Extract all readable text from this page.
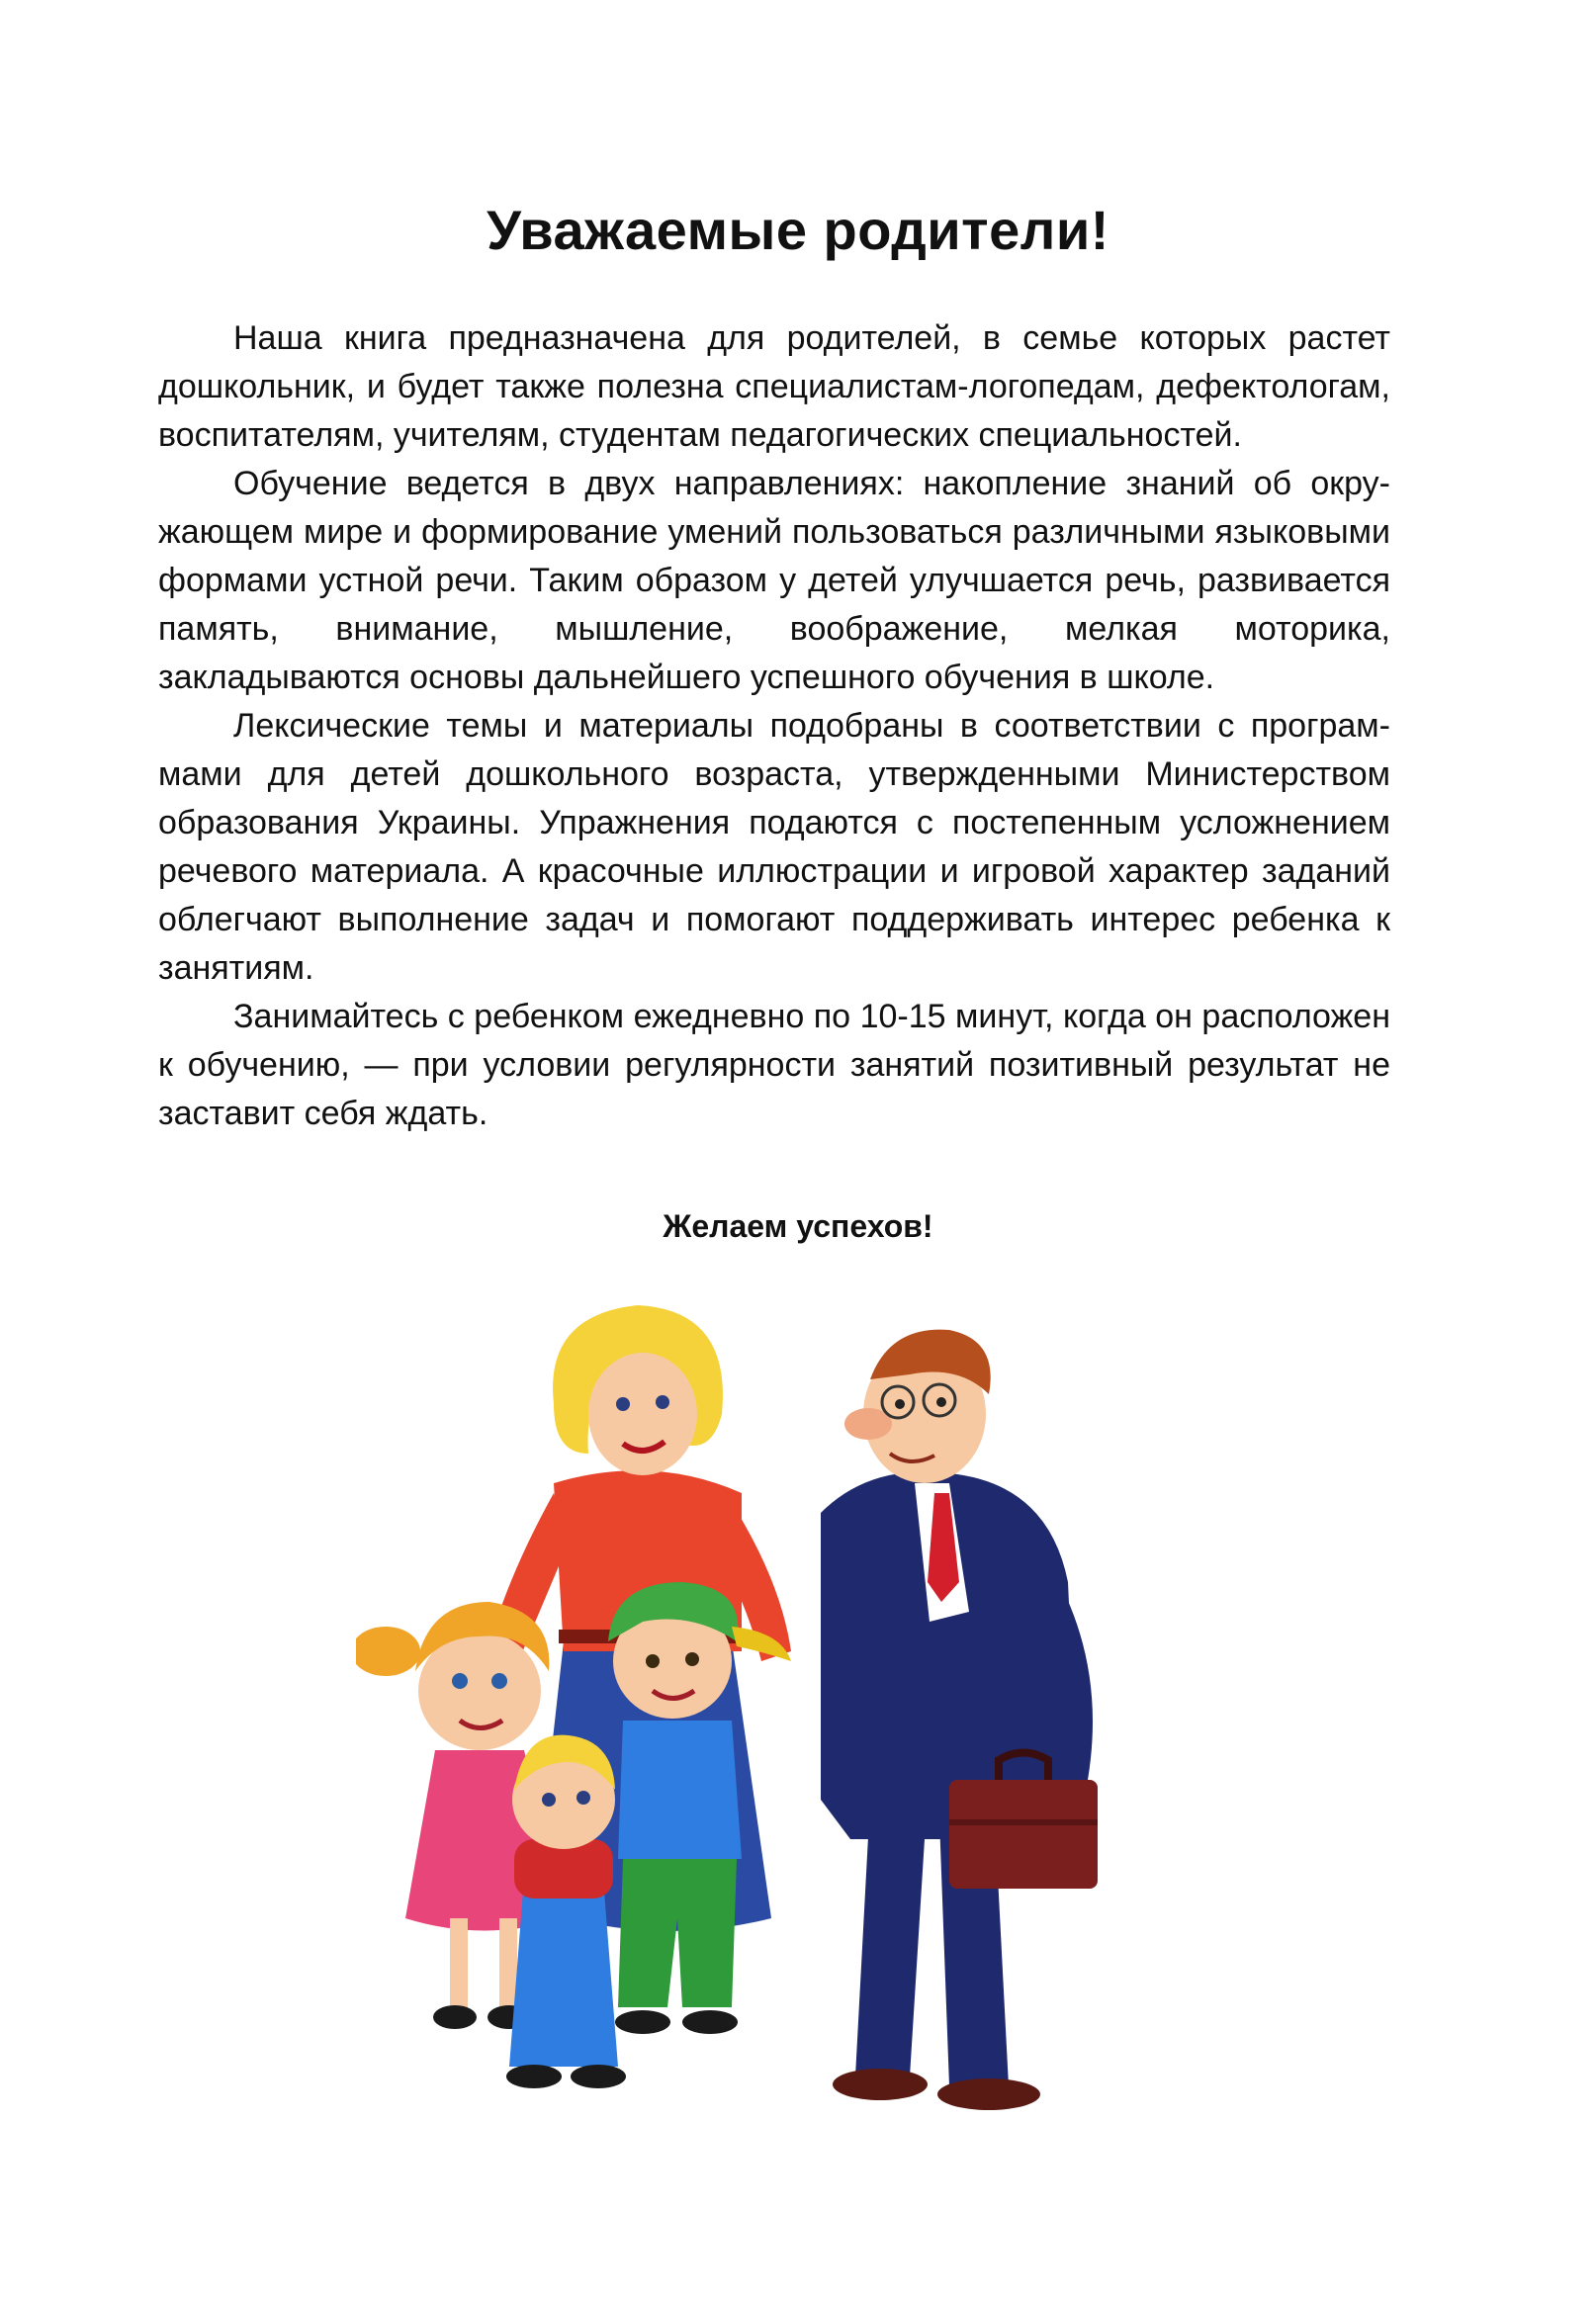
Уважаемые родители!

Наша книга предназначена для родителей, в семье которых растет дошкольник, и будет также полезна специалистам-логопедам, дефектологам, воспитателям, учителям, студентам педагогических специальностей.

Обучение ведется в двух направлениях: накопление знаний об окружающем мире и формирование умений пользоваться различными языковыми формами устной речи. Таким образом у детей улучшается речь, развивается память, внимание, мышление, воображение, мелкая моторика, закладываются основы дальнейшего успешного обучения в школе.

Лексические темы и материалы подобраны в соответствии с программами для детей дошкольного возраста, утвержденными Министерством образования Украины. Упражнения подаются с постепенным усложнением речевого материала. А красочные иллюстрации и игровой характер заданий облегчают выполнение задач и помогают поддерживать интерес ребенка к занятиям.

Занимайтесь с ребенком ежедневно по 10-15 минут, когда он расположен к обучению, — при условии регулярности занятий позитивный результат не заставит себя ждать.

Желаем успехов!
